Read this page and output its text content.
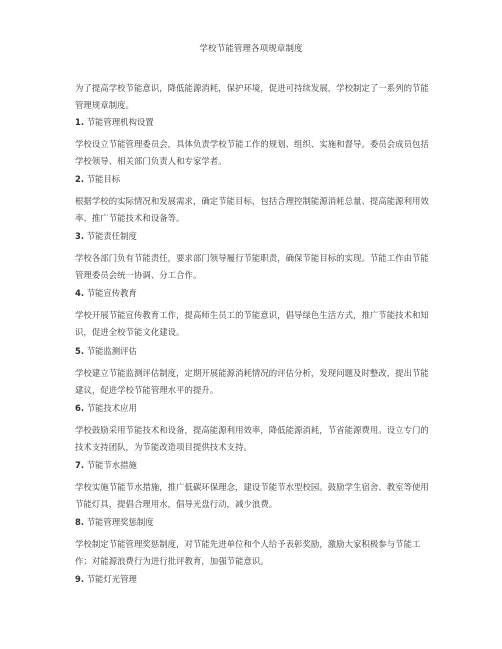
学校节能管理各项规章制度
为了提高学校节能意识，降低能源消耗，保护环境，促进可持续发展，学校制定了一系列的节能管理规章制度。
1. 节能管理机构设置
学校设立节能管理委员会，具体负责学校节能工作的规划、组织、实施和督导。委员会成员包括学校领导、相关部门负责人和专家学者。
2. 节能目标
根据学校的实际情况和发展需求，确定节能目标，包括合理控制能源消耗总量、提高能源利用效率、推广节能技术和设备等。
3. 节能责任制度
学校各部门负有节能责任，要求部门领导履行节能职责，确保节能目标的实现。节能工作由节能管理委员会统一协调、分工合作。
4. 节能宣传教育
学校开展节能宣传教育工作，提高师生员工的节能意识，倡导绿色生活方式，推广节能技术和知识，促进全校节能文化建设。
5. 节能监测评估
学校建立节能监测评估制度，定期开展能源消耗情况的评估分析，发现问题及时整改，提出节能建议，促进学校节能管理水平的提升。
6. 节能技术应用
学校鼓励采用节能技术和设备，提高能源利用效率，降低能源消耗，节省能源费用。设立专门的技术支持团队，为节能改造项目提供技术支持。
7. 节能节水措施
学校实施节能节水措施，推广低碳环保理念，建设节能节水型校园。鼓励学生宿舍、教室等使用节能灯具，提倡合理用水，倡导光盘行动，减少浪费。
8. 节能管理奖惩制度
学校制定节能管理奖惩制度，对节能先进单位和个人给予表彰奖励，激励大家积极参与节能工作；对能源浪费行为进行批评教育，加强节能意识。
9. 节能灯光管理
